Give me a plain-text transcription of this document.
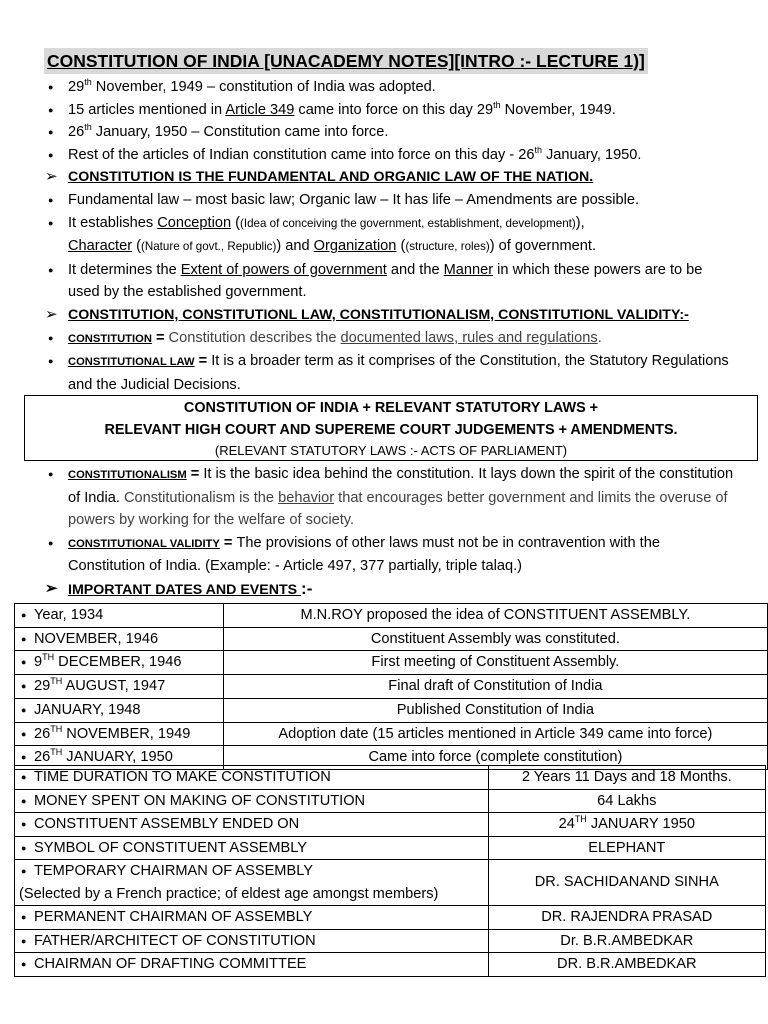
CONSTITUTION OF INDIA [UNACADEMY NOTES][INTRO :- LECTURE 1)]
● 29th November, 1949 – constitution of India was adopted.
● 15 articles mentioned in Article 349 came into force on this day 29th November, 1949.
● 26th January, 1950 – Constitution came into force.
● Rest of the articles of Indian constitution came into force on this day - 26th January, 1950.
➢ CONSTITUTION IS THE FUNDAMENTAL AND ORGANIC LAW OF THE NATION.
● Fundamental law – most basic law; Organic law – It has life – Amendments are possible.
● It establishes Conception ((Idea of conceiving the government, establishment, development)),
Character ((Nature of govt., Republic)) and Organization ((structure, roles)) of government.
● It determines the Extent of powers of government and the Manner in which these powers are to be used by the established government.
➢ CONSTITUTION, CONSTITUTIONL LAW, CONSTITUTIONALISM, CONSTITUTIONL VALIDITY:-
● CONSTITUTION = Constitution describes the documented laws, rules and regulations.
● CONSTITUTIONAL LAW = It is a broader term as it comprises of the Constitution, the Statutory Regulations and the Judicial Decisions.
CONSTITUTION OF INDIA + RELEVANT STATUTORY LAWS +
RELEVANT HIGH COURT AND SUPEREME COURT JUDGEMENTS + AMENDMENTS.
(RELEVANT STATUTORY LAWS :- ACTS OF PARLIAMENT)
● CONSTITUTIONALISM = It is the basic idea behind the constitution. It lays down the spirit of the constitution of India. Constitutionalism is the behavior that encourages better government and limits the overuse of powers by working for the welfare of society.
● CONSTITUTIONAL VALIDITY = The provisions of other laws must not be in contravention with the Constitution of India. (Example: - Article 497, 377 partially, triple talaq.)
➢ IMPORTANT DATES AND EVENTS :-
● Year, 1934	M.N.ROY proposed the idea of CONSTITUENT ASSEMBLY.
● NOVEMBER, 1946	Constituent Assembly was constituted.
● 9TH DECEMBER, 1946	First meeting of Constituent Assembly.
● 29TH AUGUST, 1947	Final draft of Constitution of India
● JANUARY, 1948	Published Constitution of India
● 26TH NOVEMBER, 1949	Adoption date (15 articles mentioned in Article 349 came into force)
● 26TH JANUARY, 1950	Came into force (complete constitution)
● TIME DURATION TO MAKE CONSTITUTION	2 Years 11 Days and 18 Months.
● MONEY SPENT ON MAKING OF CONSTITUTION	64 Lakhs
● CONSTITUENT ASSEMBLY ENDED ON	24TH JANUARY 1950
● SYMBOL OF CONSTITUENT ASSEMBLY	ELEPHANT

● TEMPORARY CHAIRMAN OF ASSEMBLY
(Selected by a French practice; of eldest age amongst members)	DR. SACHIDANAND SINHA
● PERMANENT CHAIRMAN OF ASSEMBLY	DR. RAJENDRA PRASAD
● FATHER/ARCHITECT OF CONSTITUTION	Dr. B.R.AMBEDKAR
● CHAIRMAN OF DRAFTING COMMITTEE	DR. B.R.AMBEDKAR
